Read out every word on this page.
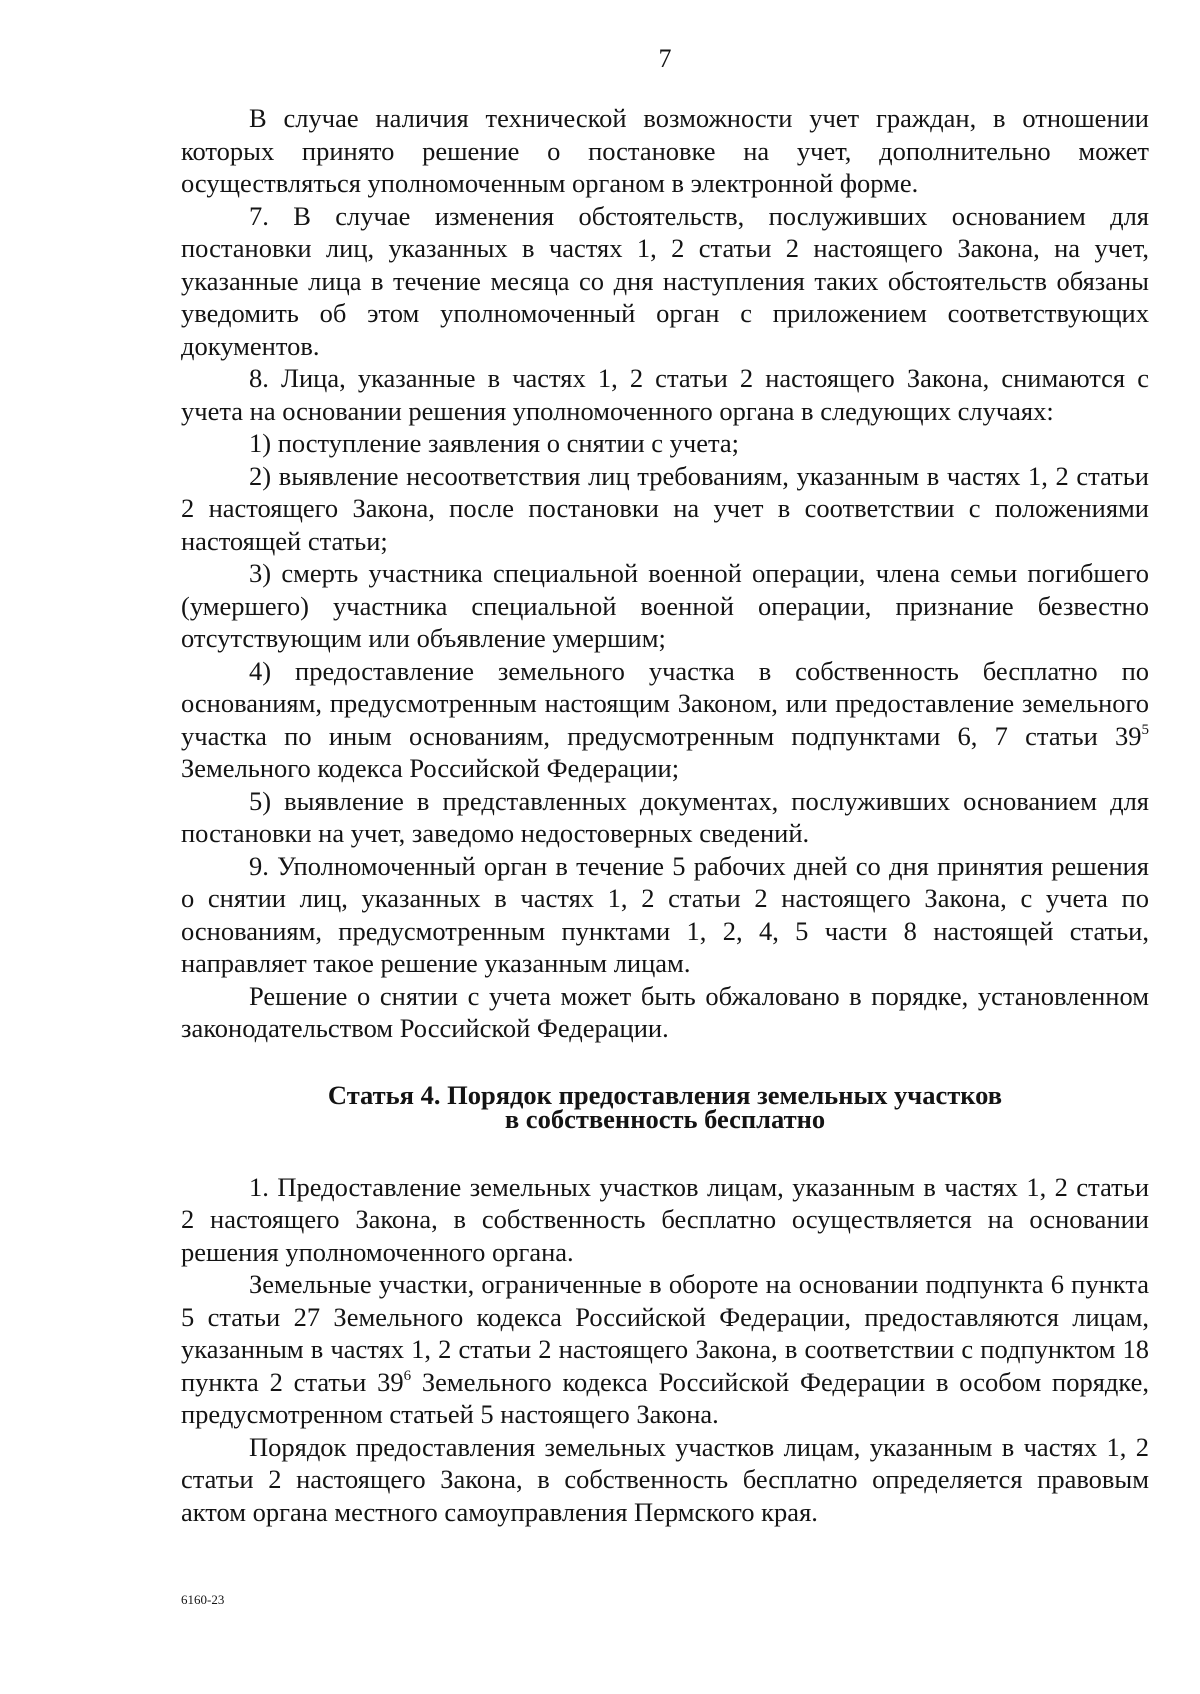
7

В случае наличия технической возможности учет граждан, в отношении которых принято решение о постановке на учет, дополнительно может осуществляться уполномоченным органом в электронной форме.

7. В случае изменения обстоятельств, послуживших основанием для постановки лиц, указанных в частях 1, 2 статьи 2 настоящего Закона, на учет, указанные лица в течение месяца со дня наступления таких обстоятельств обязаны уведомить об этом уполномоченный орган с приложением соответствующих документов.

8. Лица, указанные в частях 1, 2 статьи 2 настоящего Закона, снимаются с учета на основании решения уполномоченного органа в следующих случаях:

1) поступление заявления о снятии с учета;

2) выявление несоответствия лиц требованиям, указанным в частях 1, 2 статьи 2 настоящего Закона, после постановки на учет в соответствии с положениями настоящей статьи;

3) смерть участника специальной военной операции, члена семьи погибшего (умершего) участника специальной военной операции, признание безвестно отсутствующим или объявление умершим;

4) предоставление земельного участка в собственность бесплатно по основаниям, предусмотренным настоящим Законом, или предоставление земельного участка по иным основаниям, предусмотренным подпунктами 6, 7 статьи $39^5$ Земельного кодекса Российской Федерации;

5) выявление в представленных документах, послуживших основанием для постановки на учет, заведомо недостоверных сведений.

9. Уполномоченный орган в течение 5 рабочих дней со дня принятия решения о снятии лиц, указанных в частях 1, 2 статьи 2 настоящего Закона, с учета по основаниям, предусмотренным пунктами 1, 2, 4, 5 части 8 настоящей статьи, направляет такое решение указанным лицам.

Решение о снятии с учета может быть обжаловано в порядке, установленном законодательством Российской Федерации.

Статья 4. Порядок предоставления земельных участков
в собственность бесплатно

1. Предоставление земельных участков лицам, указанным в частях 1, 2 статьи 2 настоящего Закона, в собственность бесплатно осуществляется на основании решения уполномоченного органа.

Земельные участки, ограниченные в обороте на основании подпункта 6 пункта 5 статьи 27 Земельного кодекса Российской Федерации, предоставляются лицам, указанным в частях 1, 2 статьи 2 настоящего Закона, в соответствии с подпунктом 18 пункта 2 статьи $39^6$ Земельного кодекса Российской Федерации в особом порядке, предусмотренном статьей 5 настоящего Закона.

Порядок предоставления земельных участков лицам, указанным в частях 1, 2 статьи 2 настоящего Закона, в собственность бесплатно определяется правовым актом органа местного самоуправления Пермского края.

6160-23
